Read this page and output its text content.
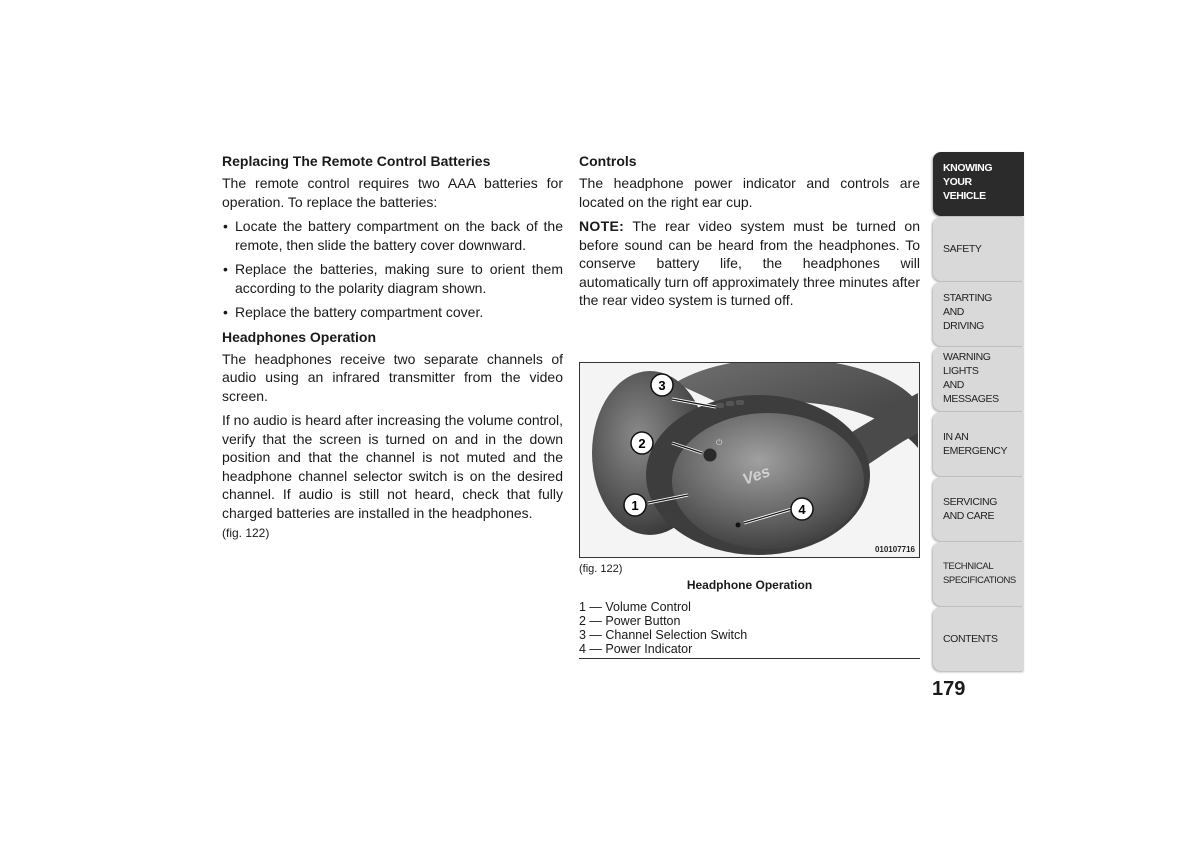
Replacing The Remote Control Batteries

The remote control requires two AAA batteries for operation. To replace the batteries:

• Locate the battery compartment on the back of the remote, then slide the battery cover downward.
• Replace the batteries, making sure to orient them according to the polarity diagram shown.
• Replace the battery compartment cover.
Headphones Operation

The headphones receive two separate channels of audio using an infrared transmitter from the video screen.

If no audio is heard after increasing the volume control, verify that the screen is turned on and in the down position and that the channel is not muted and the headphone channel selector switch is on the desired channel. If audio is still not heard, check that fully charged batteries are installed in the headphones.

(fig. 122)
Controls

The headphone power indicator and controls are located on the right ear cup.

NOTE: The rear video system must be turned on before sound can be heard from the headphones. To conserve battery life, the headphones will automatically turn off approximately three minutes after the rear video system is turned off.

⏻
Ves
3
2
1	4
010107716
(fig. 122)
Headphone Operation
1 — Volume Control
2 — Power Button
3 — Channel Selection Switch
4 — Power Indicator
KNOWING
YOUR
VEHICLE
SAFETY
STARTING
AND
DRIVING
WARNING
LIGHTS
AND
MESSAGES
IN AN
EMERGENCY
SERVICING
AND CARE
TECHNICAL
SPECIFICATIONS
CONTENTS
179
